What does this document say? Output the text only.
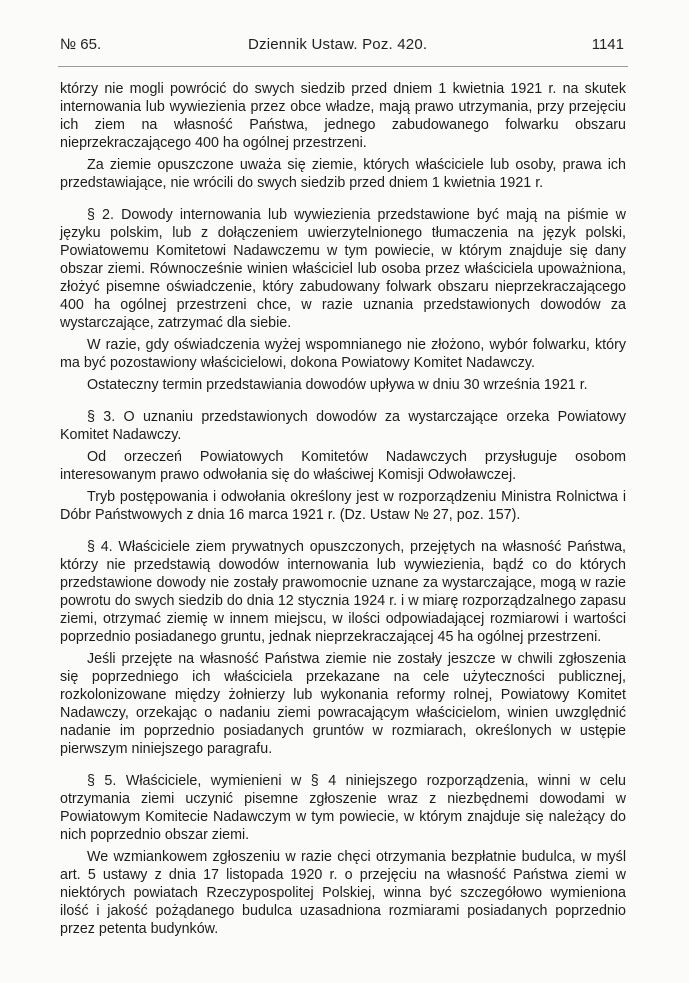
№ 65.	Dziennik Ustaw. Poz. 420.	1141

którzy nie mogli powrócić do swych siedzib przed dniem 1 kwietnia 1921 r. na skutek internowania lub wywiezienia przez obce władze, mają prawo utrzymania, przy przejęciu ich ziem na własność Państwa, jednego zabudowanego folwarku obszaru nieprzekraczającego 400 ha ogólnej przestrzeni.

Za ziemie opuszczone uważa się ziemie, których właściciele lub osoby, prawa ich przedstawiające, nie wrócili do swych siedzib przed dniem 1 kwietnia 1921 r.

§ 2. Dowody internowania lub wywiezienia przedstawione być mają na piśmie w języku polskim, lub z dołączeniem uwierzytelnionego tłumaczenia na język polski, Powiatowemu Komitetowi Nadawczemu w tym powiecie, w którym znajduje się dany obszar ziemi. Równocześnie winien właściciel lub osoba przez właściciela upoważniona, złożyć pisemne oświadczenie, który zabudowany folwark obszaru nieprzekraczającego 400 ha ogólnej przestrzeni chce, w razie uznania przedstawionych dowodów za wystarczające, zatrzymać dla siebie.

W razie, gdy oświadczenia wyżej wspomnianego nie złożono, wybór folwarku, który ma być pozostawiony właścicielowi, dokona Powiatowy Komitet Nadawczy.

Ostateczny termin przedstawiania dowodów upływa w dniu 30 września 1921 r.

§ 3. O uznaniu przedstawionych dowodów za wystarczające orzeka Powiatowy Komitet Nadawczy.

Od orzeczeń Powiatowych Komitetów Nadawczych przysługuje osobom interesowanym prawo odwołania się do właściwej Komisji Odwoławczej.

Tryb postępowania i odwołania określony jest w rozporządzeniu Ministra Rolnictwa i Dóbr Państwowych z dnia 16 marca 1921 r. (Dz. Ustaw № 27, poz. 157).

§ 4. Właściciele ziem prywatnych opuszczonych, przejętych na własność Państwa, którzy nie przedstawią dowodów internowania lub wywiezienia, bądź co do których przedstawione dowody nie zostały prawomocnie uznane za wystarczające, mogą w razie powrotu do swych siedzib do dnia 12 stycznia 1924 r. i w miarę rozporządzalnego zapasu ziemi, otrzymać ziemię w innem miejscu, w ilości odpowiadającej rozmiarowi i wartości poprzednio posiadanego gruntu, jednak nieprzekraczającej 45 ha ogólnej przestrzeni.

Jeśli przejęte na własność Państwa ziemie nie zostały jeszcze w chwili zgłoszenia się poprzedniego ich właściciela przekazane na cele użyteczności publicznej, rozkolonizowane między żołnierzy lub wykonania reformy rolnej, Powiatowy Komitet Nadawczy, orzekając o nadaniu ziemi powracającym właścicielom, winien uwzględnić nadanie im poprzednio posiadanych gruntów w rozmiarach, określonych w ustępie pierwszym niniejszego paragrafu.

§ 5. Właściciele, wymienieni w § 4 niniejszego rozporządzenia, winni w celu otrzymania ziemi uczynić pisemne zgłoszenie wraz z niezbędnemi dowodami w Powiatowym Komitecie Nadawczym w tym powiecie, w którym znajduje się należący do nich poprzednio obszar ziemi.

We wzmiankowem zgłoszeniu w razie chęci otrzymania bezpłatnie budulca, w myśl art. 5 ustawy z dnia 17 listopada 1920 r. o przejęciu na własność Państwa ziemi w niektórych powiatach Rzeczypospolitej Polskiej, winna być szczegółowo wymieniona ilość i jakość pożądanego budulca uzasadniona rozmiarami posiadanych poprzednio przez petenta budynków.
